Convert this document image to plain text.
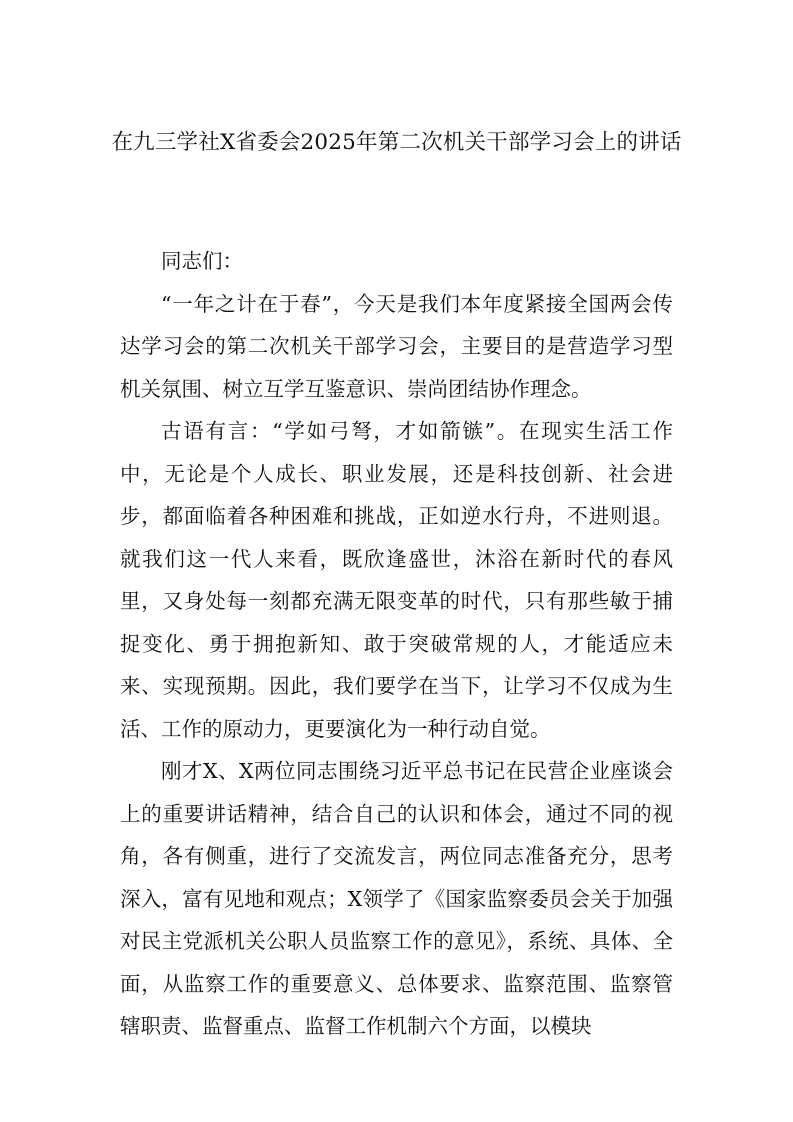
在九三学社X省委会2025年第二次机关干部学习会上的讲话

同志们：

“一年之计在于春”，今天是我们本年度紧接全国两会传达学习会的第二次机关干部学习会，主要目的是营造学习型机关氛围、树立互学互鉴意识、崇尚团结协作理念。

古语有言：“学如弓弩，才如箭镞”。在现实生活工作中，无论是个人成长、职业发展，还是科技创新、社会进步，都面临着各种困难和挑战，正如逆水行舟，不进则退。就我们这一代人来看，既欣逢盛世，沐浴在新时代的春风里，又身处每一刻都充满无限变革的时代，只有那些敏于捕捉变化、勇于拥抱新知、敢于突破常规的人，才能适应未来、实现预期。因此，我们要学在当下，让学习不仅成为生活、工作的原动力，更要演化为一种行动自觉。

刚才X、X两位同志围绕习近平总书记在民营企业座谈会上的重要讲话精神，结合自己的认识和体会，通过不同的视角，各有侧重，进行了交流发言，两位同志准备充分，思考深入，富有见地和观点；X领学了《国家监察委员会关于加强对民主党派机关公职人员监察工作的意见》，系统、具体、全面，从监察工作的重要意义、总体要求、监察范围、监察管辖职责、监督重点、监督工作机制六个方面，以模块
